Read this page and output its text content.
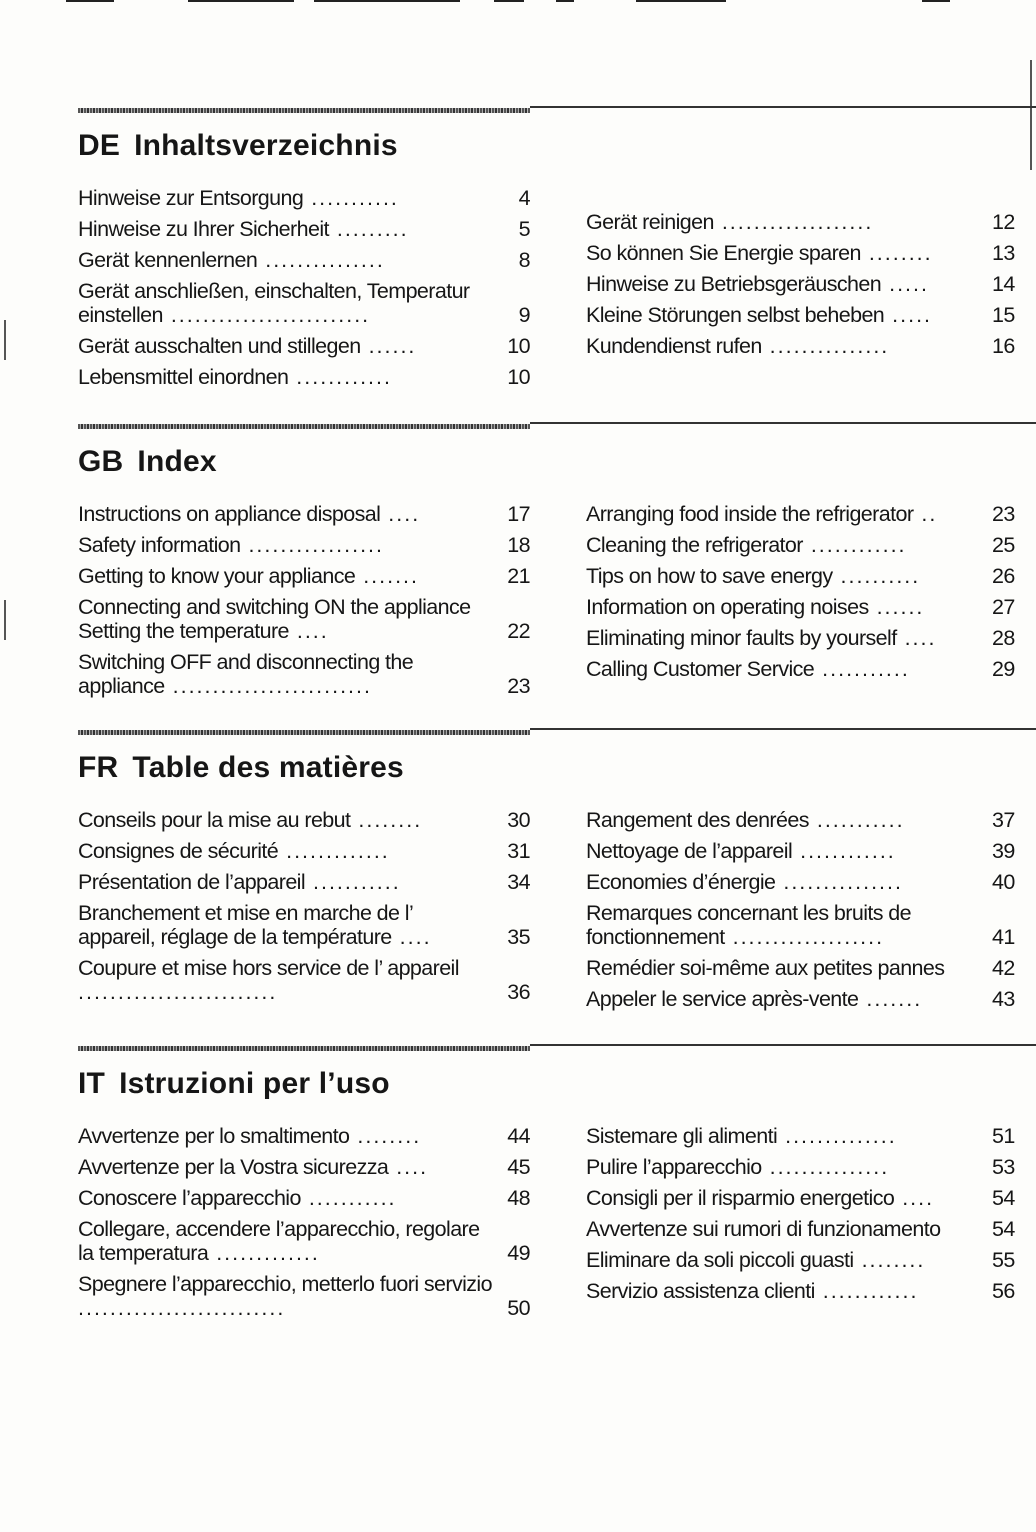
DE Inhaltsverzeichnis
Hinweise zur Entsorgung ...........	4
Hinweise zu Ihrer Sicherheit .........	5
Gerät kennenlernen ...............	8
Gerät anschließen, einschalten, Temperatur einstellen .........................	9
Gerät ausschalten und stillegen ......	10
Lebensmittel einordnen ............	10
Gerät reinigen ...................	12
So können Sie Energie sparen ........	13
Hinweise zu Betriebsgeräuschen .....	14
Kleine Störungen selbst beheben .....	15
Kundendienst rufen ...............	16
GB Index
Instructions on appliance disposal ....	17
Safety information .................	18
Getting to know your appliance .......	21
Connecting and switching ON the appliance Setting the temperature ....	22
Switching OFF and disconnecting the appliance .........................	23
Arranging food inside the refrigerator ..	23
Cleaning the refrigerator ............	25
Tips on how to save energy ..........	26
Information on operating noises ......	27
Eliminating minor faults by yourself ....	28
Calling Customer Service ...........	29
FR Table des matières
Conseils pour la mise au rebut ........	30
Consignes de sécurité .............	31
Présentation de l’appareil ...........	34
Branchement et mise en marche de l’ appareil, réglage de la température ....	35
Coupure et mise hors service de l’ appareil .........................	36
Rangement des denrées ...........	37
Nettoyage de l’appareil ............	39
Economies d’énergie ...............	40
Remarques concernant les bruits de fonctionnement ...................	41
Remédier soi-même aux petites pannes	42
Appeler le service après-vente .......	43
IT Istruzioni per l’uso
Avvertenze per lo smaltimento ........	44
Avvertenze per la Vostra sicurezza ....	45
Conoscere l’apparecchio ...........	48
Collegare, accendere l’apparecchio, regolare la temperatura .............	49
Spegnere l’apparecchio, metterlo fuori servizio ..........................	50
Sistemare gli alimenti ..............	51
Pulire l’apparecchio ...............	53
Consigli per il risparmio energetico ....	54
Avvertenze sui rumori di funzionamento	54
Eliminare da soli piccoli guasti ........	55
Servizio assistenza clienti ............	56
